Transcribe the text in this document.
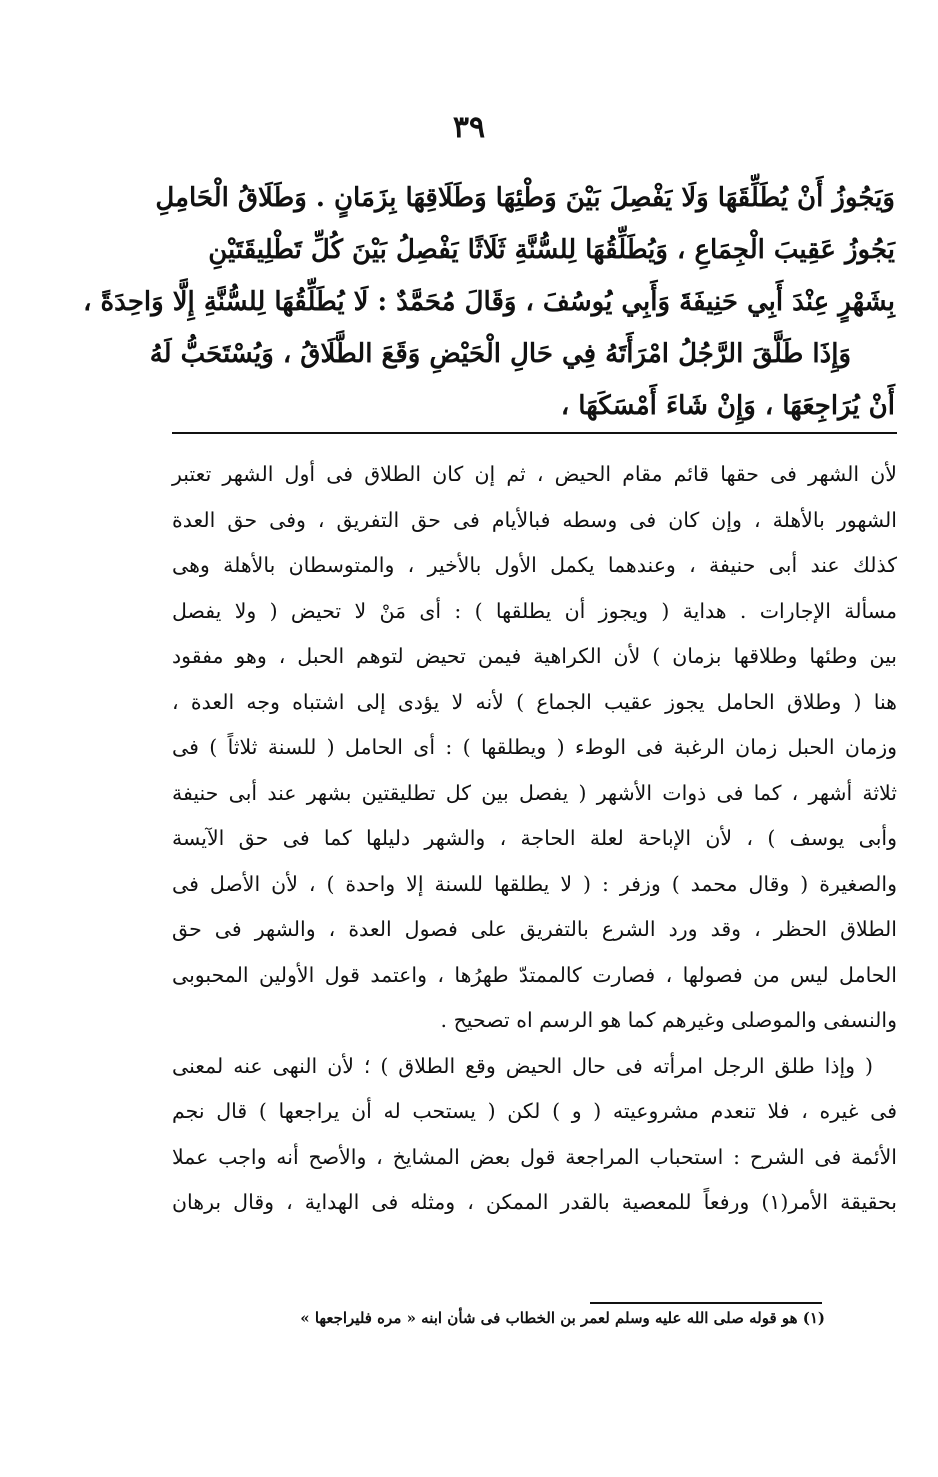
٣٩
وَيَجُوزُ أَنْ يُطَلِّقَهَا وَلَا يَفْصِلَ بَيْنَ وَطْئِهَا وَطَلَاقِهَا بِزَمَانٍ . وَطَلَاقُ الْحَامِلِ
يَجُوزُ عَقِيبَ الْجِمَاعِ ، وَيُطَلِّقُهَا لِلسُّنَّةِ ثَلَاثًا يَفْصِلُ بَيْنَ كُلِّ تَطْلِيقَتَيْنِ
بِشَهْرٍ عِنْدَ أَبِي حَنِيفَةَ وَأَبِي يُوسُفَ ، وَقَالَ مُحَمَّدٌ : لَا يُطَلِّقُهَا لِلسُّنَّةِ إِلَّا وَاحِدَةً ،
وَإِذَا طَلَّقَ الرَّجُلُ امْرَأَتَهُ فِي حَالِ الْحَيْضِ وَقَعَ الطَّلَاقُ ، وَيُسْتَحَبُّ لَهُ
أَنْ يُرَاجِعَهَا ، وَإِنْ شَاءَ أَمْسَكَهَا ،
لأن الشهر فى حقها قائم مقام الحيض ، ثم إن كان الطلاق فى أول الشهر تعتبر
الشهور بالأهلة ، وإن كان فى وسطه فبالأيام فى حق التفريق ، وفى حق العدة
كذلك عند أبى حنيفة ، وعندهما يكمل الأول بالأخير ، والمتوسطان بالأهلة وهى
مسألة الإجارات . هداية ( ويجوز أن يطلقها ) : أى مَنْ لا تحيض ( ولا يفصل
بين وطئها وطلاقها بزمان ) لأن الكراهية فيمن تحيض لتوهم الحبل ، وهو مفقود
هنا ( وطلاق الحامل يجوز عقيب الجماع ) لأنه لا يؤدى إلى اشتباه وجه العدة ،
وزمان الحبل زمان الرغبة فى الوطء ( ويطلقها ) : أى الحامل ( للسنة ثلاثاً ) فى
ثلاثة أشهر ، كما فى ذوات الأشهر ( يفصل بين كل تطليقتين بشهر عند أبى حنيفة
وأبى يوسف ) ، لأن الإباحة لعلة الحاجة ، والشهر دليلها كما فى حق الآيسة
والصغيرة ( وقال محمد ) وزفر : ( لا يطلقها للسنة إلا واحدة ) ، لأن الأصل فى
الطلاق الحظر ، وقد ورد الشرع بالتفريق على فصول العدة ، والشهر فى حق
الحامل ليس من فصولها ، فصارت كالممتدّ طهرُها ، واعتمد قول الأولين المحبوبى
والنسفى والموصلى وغيرهم كما هو الرسم اه تصحيح .
( وإذا طلق الرجل امرأته فى حال الحيض وقع الطلاق ) ؛ لأن النهى عنه لمعنى
فى غيره ، فلا تنعدم مشروعيته ( و ) لكن ( يستحب له أن يراجعها ) قال نجم
الأئمة فى الشرح : استحباب المراجعة قول بعض المشايخ ، والأصح أنه واجب عملا
بحقيقة الأمر(١) ورفعاً للمعصية بالقدر الممكن ، ومثله فى الهداية ، وقال برهان
(١) هو قوله صلى الله عليه وسلم لعمر بن الخطاب فى شأن ابنه « مره فليراجعها »
